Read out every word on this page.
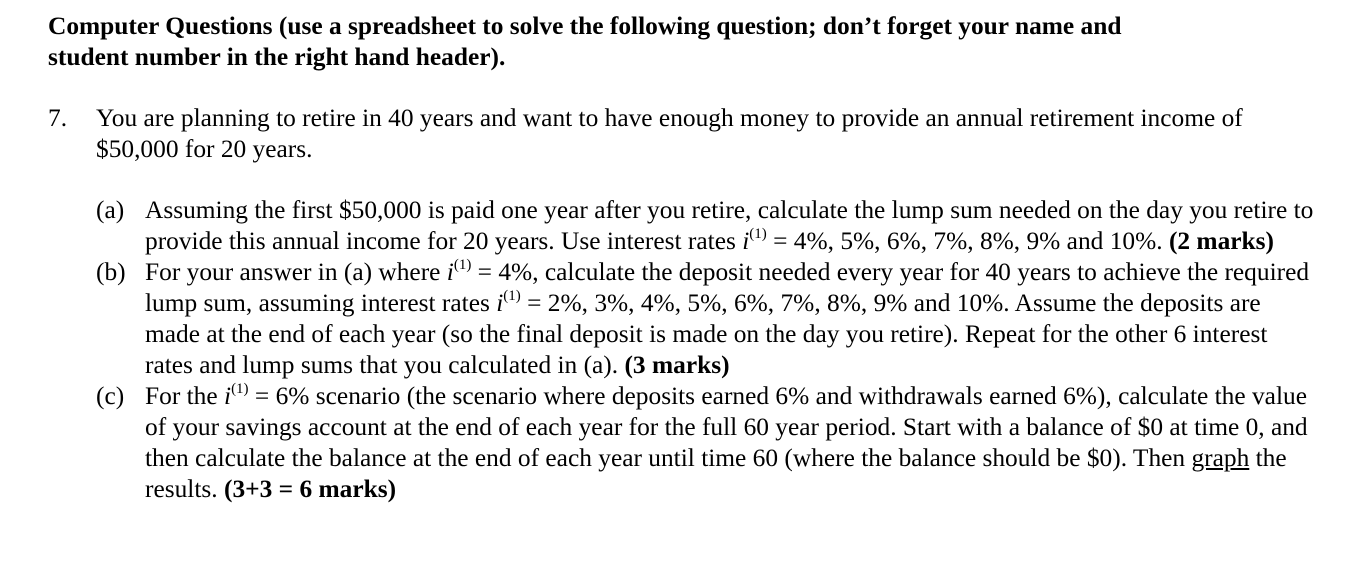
Computer Questions (use a spreadsheet to solve the following question; don’t forget your name and
student number in the right hand header).
7. You are planning to retire in 40 years and want to have enough money to provide an annual retirement income of $50,000 for 20 years.
(a) Assuming the first $50,000 is paid one year after you retire, calculate the lump sum needed on the day you retire to provide this annual income for 20 years. Use interest rates $i^{(1)} = 4\%$, 5%, 6%, 7%, 8%, 9% and 10%. (2 marks)
(b) For your answer in (a) where $i^{(1)} = 4\%$, calculate the deposit needed every year for 40 years to achieve the required lump sum, assuming interest rates $i^{(1)} = 2\%$, 3%, 4%, 5%, 6%, 7%, 8%, 9% and 10%. Assume the deposits are made at the end of each year (so the final deposit is made on the day you retire). Repeat for the other 6 interest rates and lump sums that you calculated in (a). (3 marks)
(c) For the $i^{(1)} = 6\%$ scenario (the scenario where deposits earned 6% and withdrawals earned 6%), calculate the value of your savings account at the end of each year for the full 60 year period. Start with a balance of $0 at time 0, and then calculate the balance at the end of each year until time 60 (where the balance should be $0). Then graph the results. (3+3 = 6 marks)
